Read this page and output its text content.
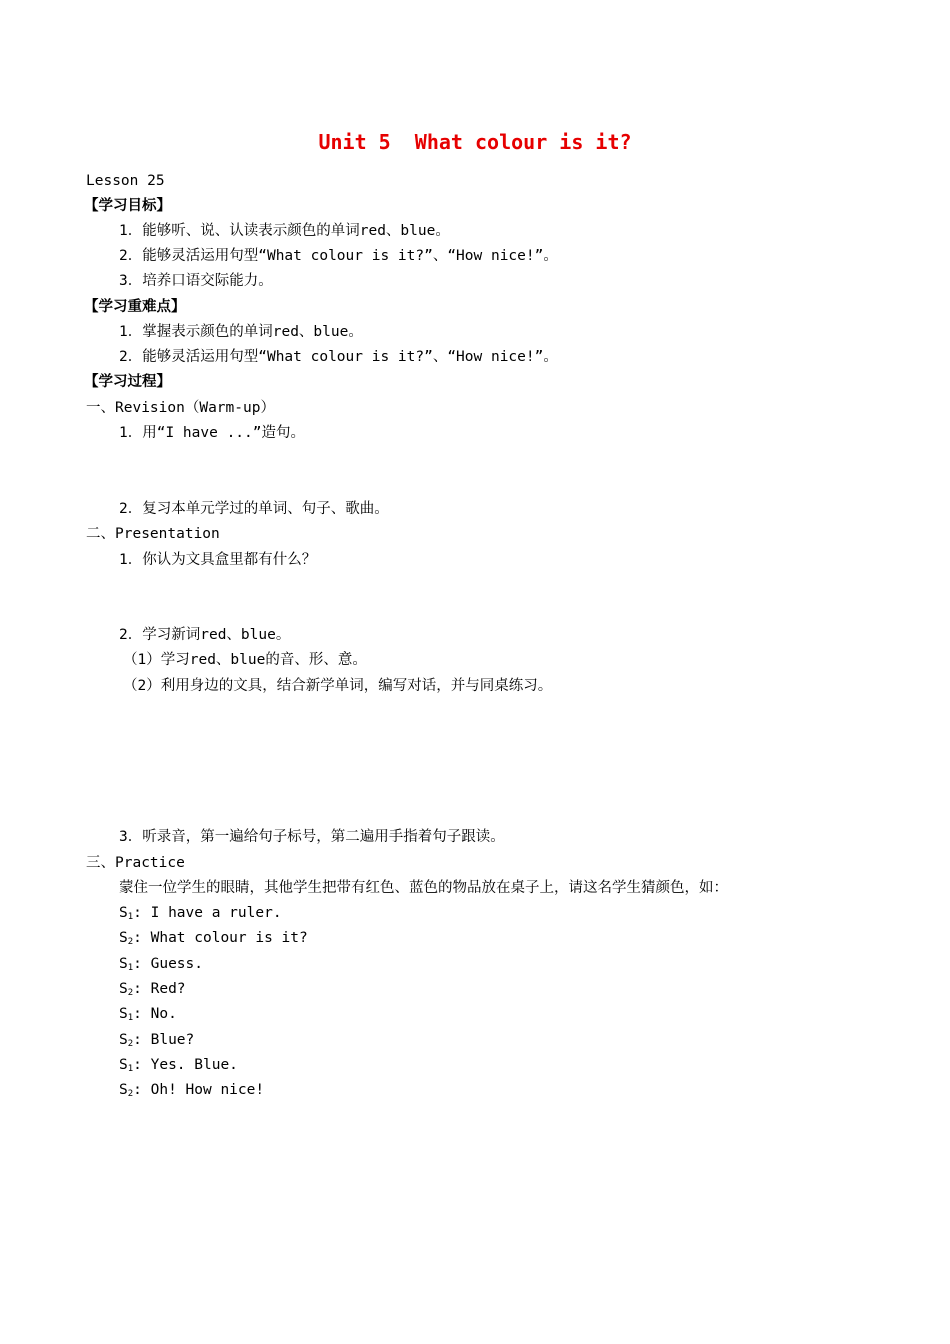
Unit 5  What colour is it?
Lesson 25
【学习目标】
1．能够听、说、认读表示颜色的单词red、blue。
2．能够灵活运用句型“What colour is it?”、“How nice!”。
3．培养口语交际能力。
【学习重难点】
1．掌握表示颜色的单词red、blue。
2．能够灵活运用句型“What colour is it?”、“How nice!”。
【学习过程】
一、Revision（Warm-up）
1．用“I have ...”造句。
2．复习本单元学过的单词、句子、歌曲。
二、Presentation
1．你认为文具盒里都有什么？
2．学习新词red、blue。
（1）学习red、blue的音、形、意。
（2）利用身边的文具，结合新学单词，编写对话，并与同桌练习。
3．听录音，第一遍给句子标号，第二遍用手指着句子跟读。
三、Practice
蒙住一位学生的眼睛，其他学生把带有红色、蓝色的物品放在桌子上，请这名学生猜颜色，如：
$S_1$: I have a ruler.
$S_2$: What colour is it?
$S_1$: Guess.
$S_2$: Red?
$S_1$: No.
$S_2$: Blue?
$S_1$: Yes. Blue.
$S_2$: Oh! How nice!
